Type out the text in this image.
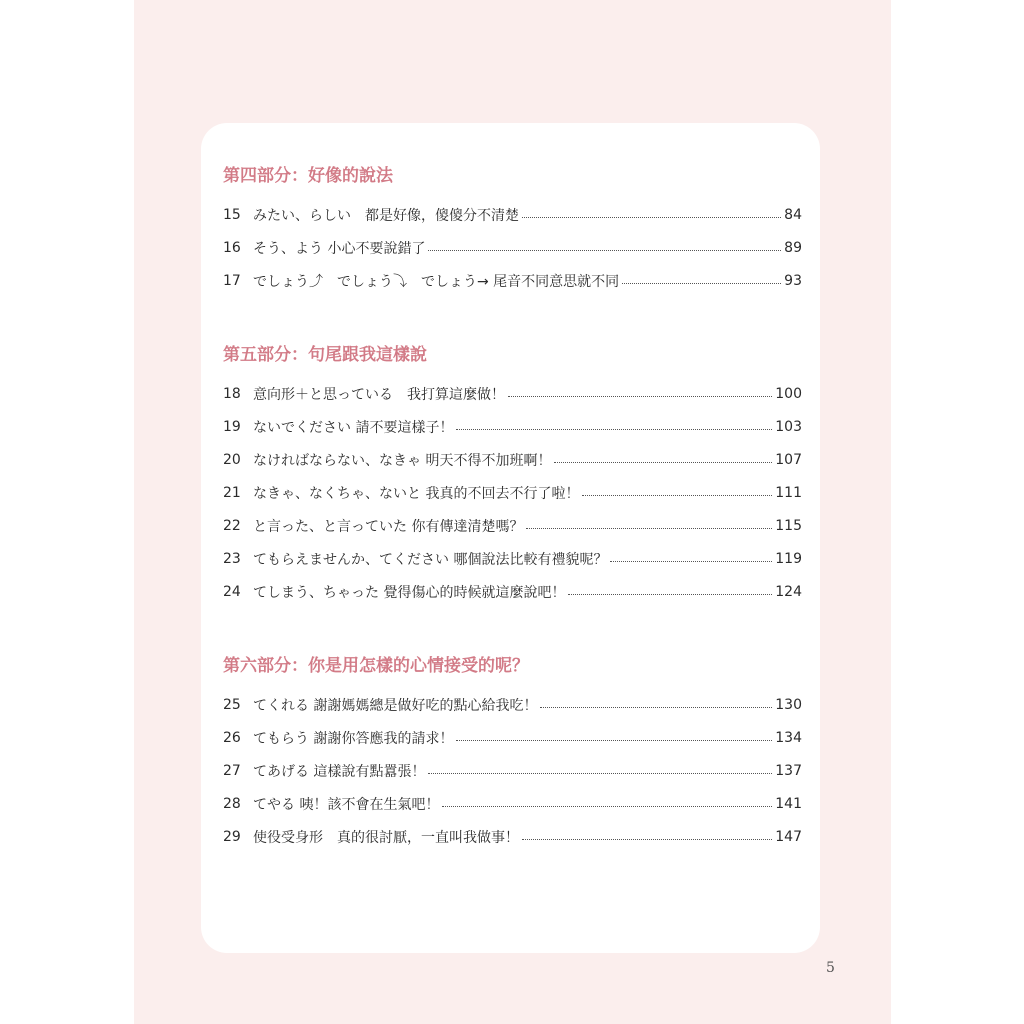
第四部分：好像的說法
15 みたい、らしい　都是好像，傻傻分不清楚	84
16 そう、よう 小心不要說錯了	89
17 でしょう⤴　でしょう⤵　でしょう→ 尾音不同意思就不同	93
第五部分：句尾跟我這樣說
18 意向形＋と思っている　我打算這麼做！	100
19 ないでください 請不要這樣子！	103
20 なければならない、なきゃ 明天不得不加班啊！	107
21 なきゃ、なくちゃ、ないと 我真的不回去不行了啦！	111
22 と言った、と言っていた 你有傳達清楚嗎？	115
23 てもらえませんか、てください 哪個說法比較有禮貌呢？	119
24 てしまう、ちゃった 覺得傷心的時候就這麼說吧！	124
第六部分：你是用怎樣的心情接受的呢？
25 てくれる 謝謝媽媽總是做好吃的點心給我吃！	130
26 てもらう 謝謝你答應我的請求！	134
27 てあげる 這樣說有點囂張！	137
28 てやる 咦！該不會在生氣吧！	141
29 使役受身形　真的很討厭，一直叫我做事！	147
5
